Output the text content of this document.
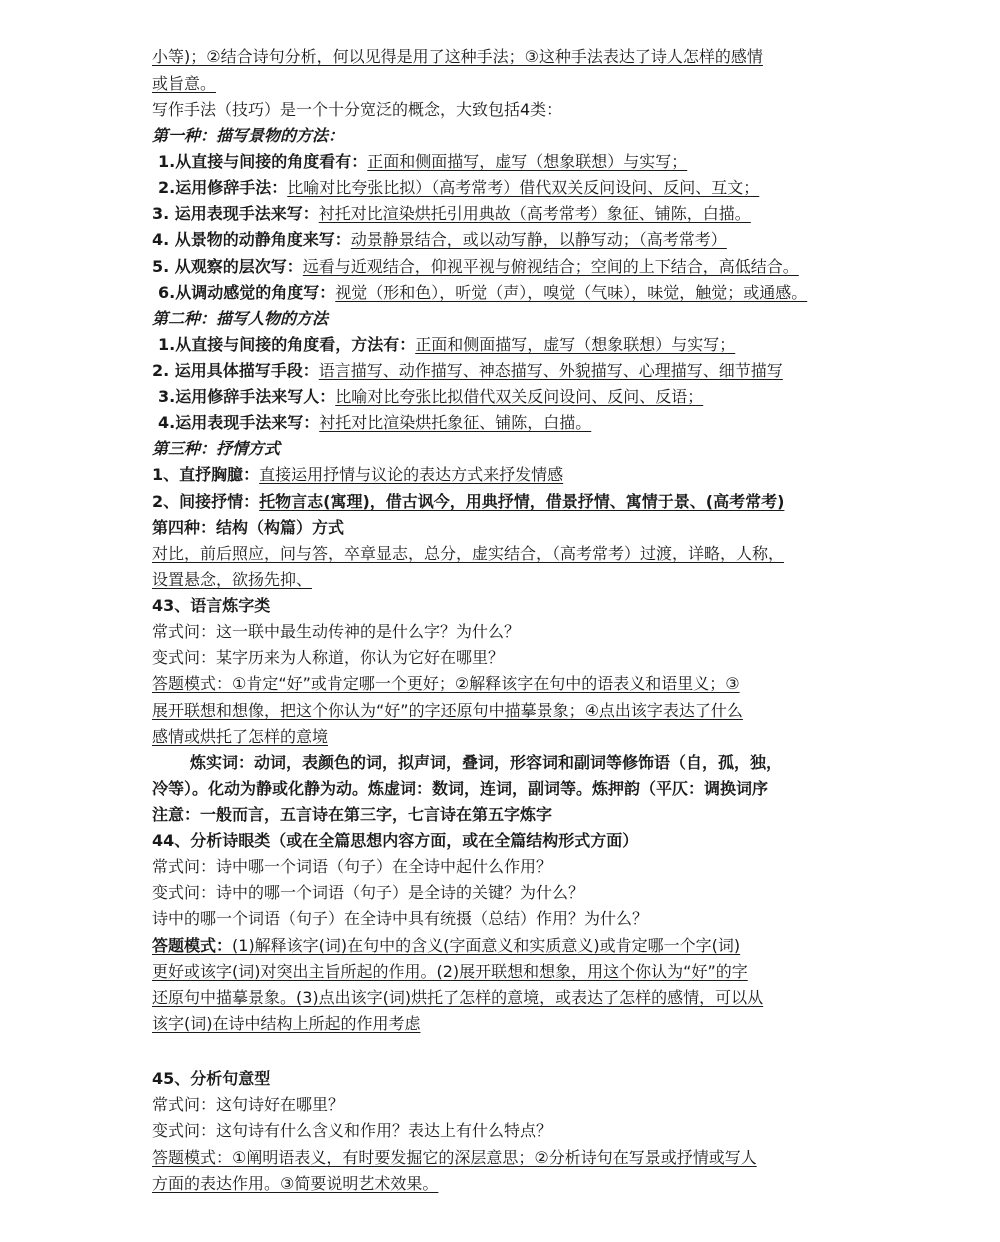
小等)；②结合诗句分析，何以见得是用了这种手法；③这种手法表达了诗人怎样的感情
或旨意。
写作手法（技巧）是一个十分宽泛的概念，大致包括4类：
第一种：描写景物的方法：
1.从直接与间接的角度看有：正面和侧面描写，虚写（想象联想）与实写；
2.运用修辞手法：比喻对比夸张比拟）（高考常考）借代双关反问设问、反问、互文；
3. 运用表现手法来写：衬托对比渲染烘托引用典故（高考常考）象征、铺陈，白描。
4. 从景物的动静角度来写：动景静景结合，或以动写静，以静写动；（高考常考）
5. 从观察的层次写：远看与近观结合，仰视平视与俯视结合；空间的上下结合，高低结合。
6.从调动感觉的角度写：视觉（形和色），听觉（声），嗅觉（气味），味觉，触觉；或通感。
第二种：描写人物的方法
1.从直接与间接的角度看，方法有：正面和侧面描写，虚写（想象联想）与实写；
2. 运用具体描写手段：语言描写、动作描写、神态描写、外貌描写、心理描写、细节描写
3.运用修辞手法来写人：比喻对比夸张比拟借代双关反问设问、反问、反语；
4.运用表现手法来写：衬托对比渲染烘托象征、铺陈，白描。
第三种：抒情方式
1、直抒胸臆：直接运用抒情与议论的表达方式来抒发情感
2、间接抒情：托物言志(寓理)，借古讽今，用典抒情，借景抒情、寓情于景、(高考常考)
第四种：结构（构篇）方式
对比，前后照应，问与答，卒章显志，总分，虚实结合，（高考常考）过渡，详略，人称，
设置悬念，欲扬先抑、
43、语言炼字类
常式问：这一联中最生动传神的是什么字？为什么？
变式问：某字历来为人称道，你认为它好在哪里？
答题模式：①肯定“好”或肯定哪一个更好；②解释该字在句中的语表义和语里义；③
展开联想和想像，把这个你认为“好”的字还原句中描摹景象；④点出该字表达了什么
感情或烘托了怎样的意境
炼实词：动词，表颜色的词，拟声词，叠词，形容词和副词等修饰语（自，孤，独，
冷等）。化动为静或化静为动。炼虚词：数词，连词，副词等。炼押韵（平仄：调换词序
注意：一般而言，五言诗在第三字，七言诗在第五字炼字
44、分析诗眼类（或在全篇思想内容方面，或在全篇结构形式方面）
常式问：诗中哪一个词语（句子）在全诗中起什么作用？
变式问：诗中的哪一个词语（句子）是全诗的关键？为什么？
诗中的哪一个词语（句子）在全诗中具有统摄（总结）作用？为什么？
答题模式：(1)解释该字(词)在句中的含义(字面意义和实质意义)或肯定哪一个字(词)
更好或该字(词)对突出主旨所起的作用。(2)展开联想和想象，用这个你认为“好”的字
还原句中描摹景象。(3)点出该字(词)烘托了怎样的意境，或表达了怎样的感情，可以从
该字(词)在诗中结构上所起的作用考虑
45、分析句意型
常式问：这句诗好在哪里？
变式问：这句诗有什么含义和作用？表达上有什么特点？
答题模式：①阐明语表义，有时要发掘它的深层意思；②分析诗句在写景或抒情或写人
方面的表达作用。③简要说明艺术效果。
